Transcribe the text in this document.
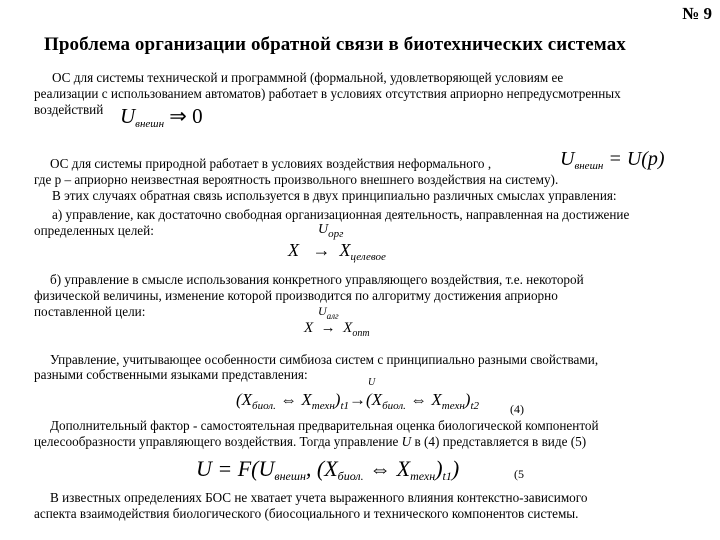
№ 9
Проблема организации обратной связи в биотехнических системах
ОС для системы технической и программной (формальной, удовлетворяющей условиям ее
реализации с использованием автоматов) работает в условиях отсутствия априорно непредусмотренных
воздействий $U_{внешн}$ ⇒ 0
ОС для системы природной работает в условиях воздействия неформального ,	$U_{внешн} = U(p)$
где p – априорно неизвестная вероятность произвольного внешнего воздействия на систему).
В этих случаях обратная связь используется в двух принципиально различных смыслах управления:
а) управление, как достаточно свободная организационная деятельность, направленная на достижение
определенных целей:	$U_{орг}$
$X \to X_{целевое}$
б) управление в смысле использования конкретного управляющего воздействия, т.е. некоторой
физической величины, изменение которой производится по алгоритму достижения априорно
поставленной цели:	$U_{алг}$
$X \to X_{опт}$
Управление, учитывающее особенности симбиоза систем с принципиально разными свойствами,
разными собственными языками представления:
U
($X_{биол.}$ ⇔ $X_{техн})_{t1}\to(X_{биол.}$ ⇔ $X_{техн})_{t2}$	(4)
Дополнительный фактор - самостоятельная предварительная оценка биологической компонентой
целесообразности управляющего воздействия. Тогда управление U в (4) представляется в виде (5)
$U = F(U_{внешн}$, ($X_{биол.}$ ⇔ $X_{техн})_{t1}$)	(5
В известных определениях БОС не хватает учета выраженного влияния контекстно-зависимого
аспекта взаимодействия биологического (биосоциального и технического компонентов системы.
